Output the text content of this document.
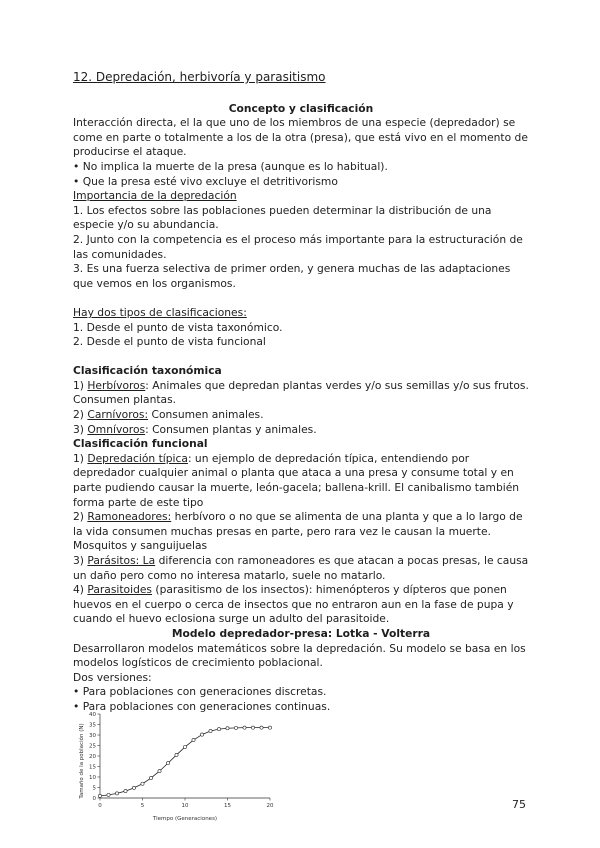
12. Depredación, herbivoría y parasitismo

Concepto y clasificación

Interacción directa, el la que uno de los miembros de una especie (depredador) se come en parte o totalmente a los de la otra (presa), que está vivo en el momento de producirse el ataque.

• No implica la muerte de la presa (aunque es lo habitual).

• Que la presa esté vivo excluye el detritivorismo

Importancia de la depredación

1. Los efectos sobre las poblaciones pueden determinar la distribución de una especie y/o su abundancia.

2. Junto con la competencia es el proceso más importante para la estructuración de las comunidades.

3. Es una fuerza selectiva de primer orden, y genera muchas de las adaptaciones que vemos en los organismos.

Hay dos tipos de clasificaciones:

1. Desde el punto de vista taxonómico.

2. Desde el punto de vista funcional

Clasificación taxonómica

1) Herbívoros: Animales que depredan plantas verdes y/o sus semillas y/o sus frutos. Consumen plantas.

2) Carnívoros: Consumen animales.

3) Omnívoros: Consumen plantas y animales.

Clasificación funcional

1) Depredación típica: un ejemplo de depredación típica, entendiendo por depredador cualquier animal o planta que ataca a una presa y consume total y en parte pudiendo causar la muerte, león-gacela; ballena-krill. El canibalismo también forma parte de este tipo

2) Ramoneadores: herbívoro o no que se alimenta de una planta y que a lo largo de la vida consumen muchas presas en parte, pero rara vez le causan la muerte. Mosquitos y sanguijuelas

3) Parásitos: La diferencia con ramoneadores es que atacan a pocas presas, le causa un daño pero como no interesa matarlo, suele no matarlo.

4) Parasitoides (parasitismo de los insectos): himenópteros y dípteros que ponen huevos en el cuerpo o cerca de insectos que no entraron aun en la fase de pupa y cuando el huevo eclosiona surge un adulto del parasitoide.

Modelo depredador-presa: Lotka - Volterra

Desarrollaron modelos matemáticos sobre la depredación. Su modelo se basa en los modelos logísticos de crecimiento poblacional.

Dos versiones:

• Para poblaciones con generaciones discretas.

• Para poblaciones con generaciones continuas.

0	5	10	15	20
0
5
10
15
20
25
30
35
40
Tiempo (Generaciones)
Tamaño de la población (N)
75
